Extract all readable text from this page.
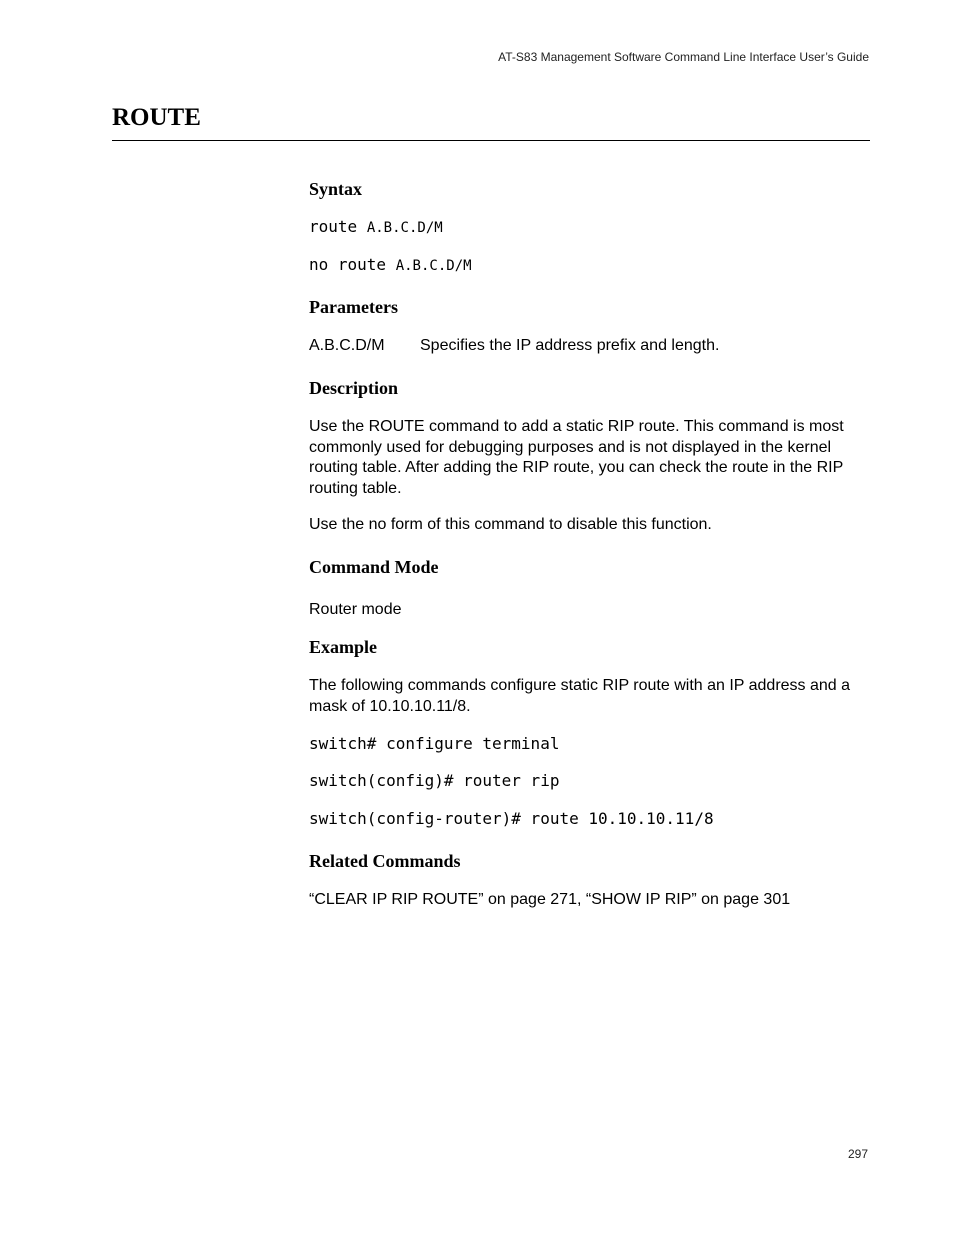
AT-S83 Management Software Command Line Interface User’s Guide
ROUTE
Syntax
route A.B.C.D/M
no route A.B.C.D/M
Parameters
A.B.C.D/M Specifies the IP address prefix and length.
Description
Use the ROUTE command to add a static RIP route. This command is most commonly used for debugging purposes and is not displayed in the kernel routing table. After adding the RIP route, you can check the route in the RIP routing table.
Use the no form of this command to disable this function.
Command Mode
Router mode
Example
The following commands configure static RIP route with an IP address and a mask of 10.10.10.11/8.
switch# configure terminal
switch(config)# router rip
switch(config-router)# route 10.10.10.11/8
Related Commands
“CLEAR IP RIP ROUTE” on page 271, “SHOW IP RIP” on page 301
297
